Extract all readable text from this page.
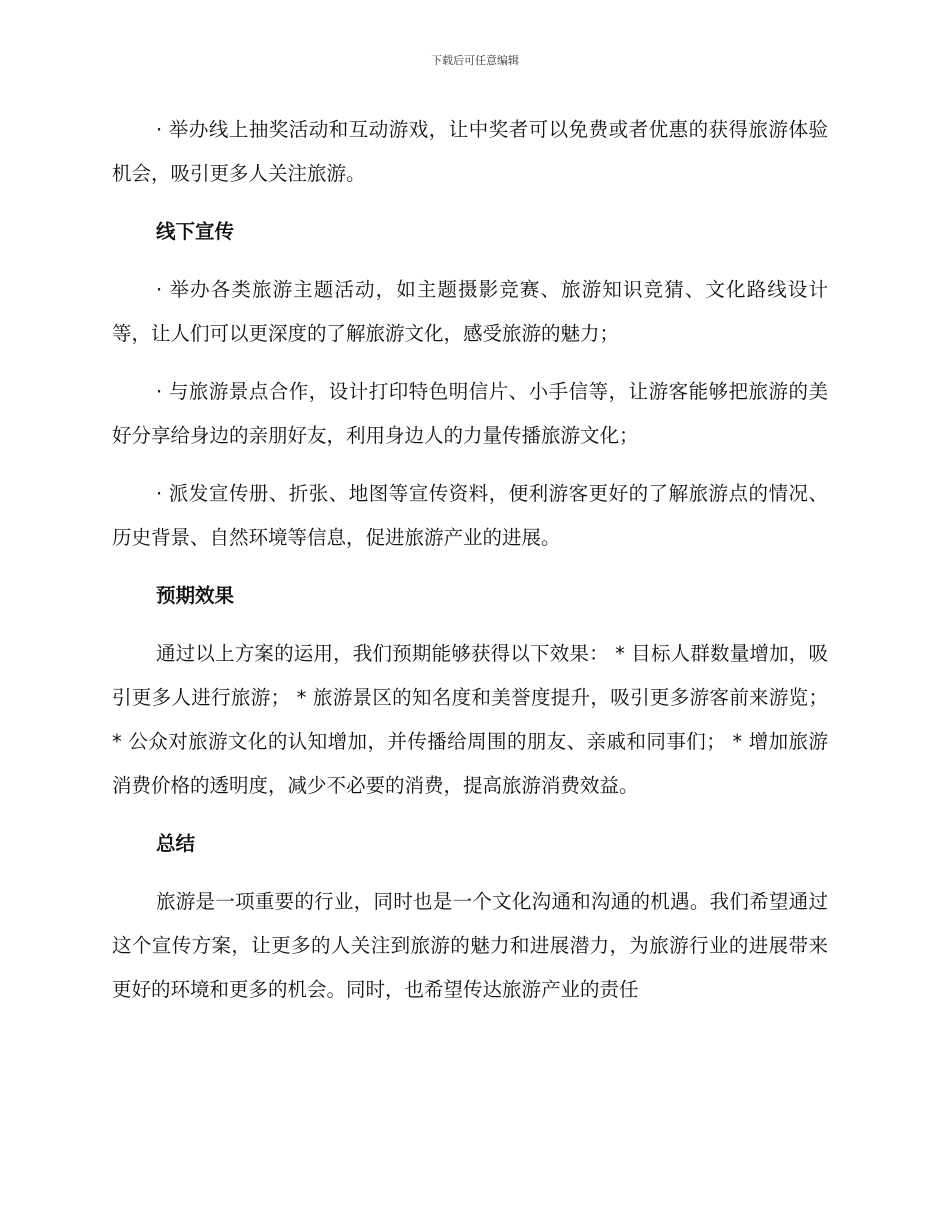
下载后可任意编辑

· 举办线上抽奖活动和互动游戏，让中奖者可以免费或者优惠的获得旅游体验机会，吸引更多人关注旅游。

线下宣传

· 举办各类旅游主题活动，如主题摄影竞赛、旅游知识竞猜、文化路线设计等，让人们可以更深度的了解旅游文化，感受旅游的魅力；

· 与旅游景点合作，设计打印特色明信片、小手信等，让游客能够把旅游的美好分享给身边的亲朋好友，利用身边人的力量传播旅游文化；

· 派发宣传册、折张、地图等宣传资料，便利游客更好的了解旅游点的情况、历史背景、自然环境等信息，促进旅游产业的进展。

预期效果

通过以上方案的运用，我们预期能够获得以下效果： * 目标人群数量增加，吸引更多人进行旅游； * 旅游景区的知名度和美誉度提升，吸引更多游客前来游览； * 公众对旅游文化的认知增加，并传播给周围的朋友、亲戚和同事们； * 增加旅游消费价格的透明度，减少不必要的消费，提高旅游消费效益。

总结

旅游是一项重要的行业，同时也是一个文化沟通和沟通的机遇。我们希望通过这个宣传方案，让更多的人关注到旅游的魅力和进展潜力，为旅游行业的进展带来更好的环境和更多的机会。同时，也希望传达旅游产业的责任
